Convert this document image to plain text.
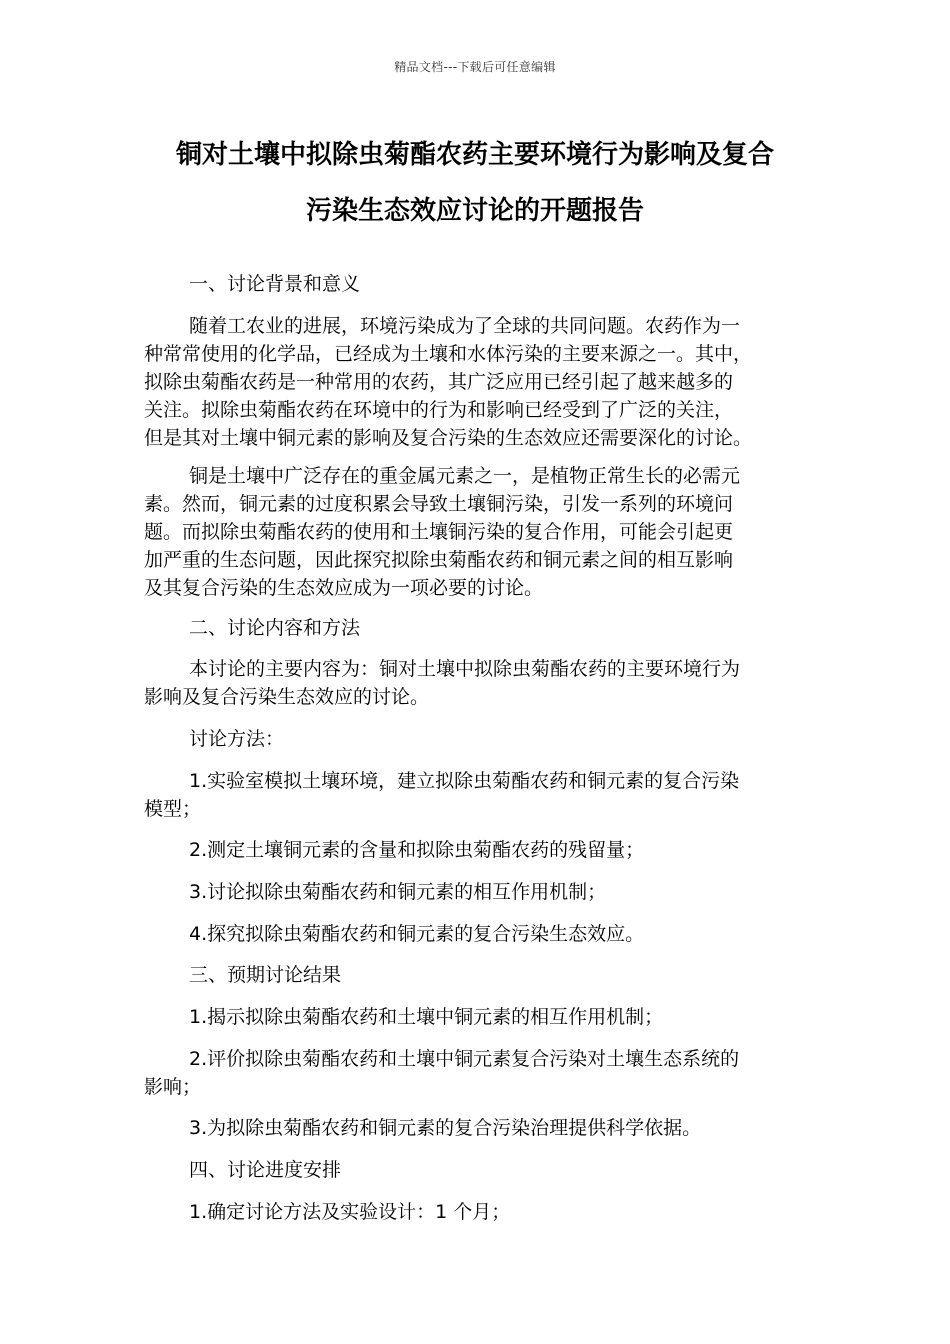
精品文档---下载后可任意编辑
铜对土壤中拟除虫菊酯农药主要环境行为影响及复合
污染生态效应讨论的开题报告
一、讨论背景和意义
随着工农业的进展，环境污染成为了全球的共同问题。农药作为一
种常常使用的化学品，已经成为土壤和水体污染的主要来源之一。其中，
拟除虫菊酯农药是一种常用的农药，其广泛应用已经引起了越来越多的
关注。拟除虫菊酯农药在环境中的行为和影响已经受到了广泛的关注，
但是其对土壤中铜元素的影响及复合污染的生态效应还需要深化的讨论。
铜是土壤中广泛存在的重金属元素之一，是植物正常生长的必需元
素。然而，铜元素的过度积累会导致土壤铜污染，引发一系列的环境问
题。而拟除虫菊酯农药的使用和土壤铜污染的复合作用，可能会引起更
加严重的生态问题，因此探究拟除虫菊酯农药和铜元素之间的相互影响
及其复合污染的生态效应成为一项必要的讨论。
二、讨论内容和方法
本讨论的主要内容为：铜对土壤中拟除虫菊酯农药的主要环境行为
影响及复合污染生态效应的讨论。
讨论方法：
1.实验室模拟土壤环境，建立拟除虫菊酯农药和铜元素的复合污染
模型；
2.测定土壤铜元素的含量和拟除虫菊酯农药的残留量；
3.讨论拟除虫菊酯农药和铜元素的相互作用机制；
4.探究拟除虫菊酯农药和铜元素的复合污染生态效应。
三、预期讨论结果
1.揭示拟除虫菊酯农药和土壤中铜元素的相互作用机制；
2.评价拟除虫菊酯农药和土壤中铜元素复合污染对土壤生态系统的
影响；
3.为拟除虫菊酯农药和铜元素的复合污染治理提供科学依据。
四、讨论进度安排
1.确定讨论方法及实验设计：1 个月；
